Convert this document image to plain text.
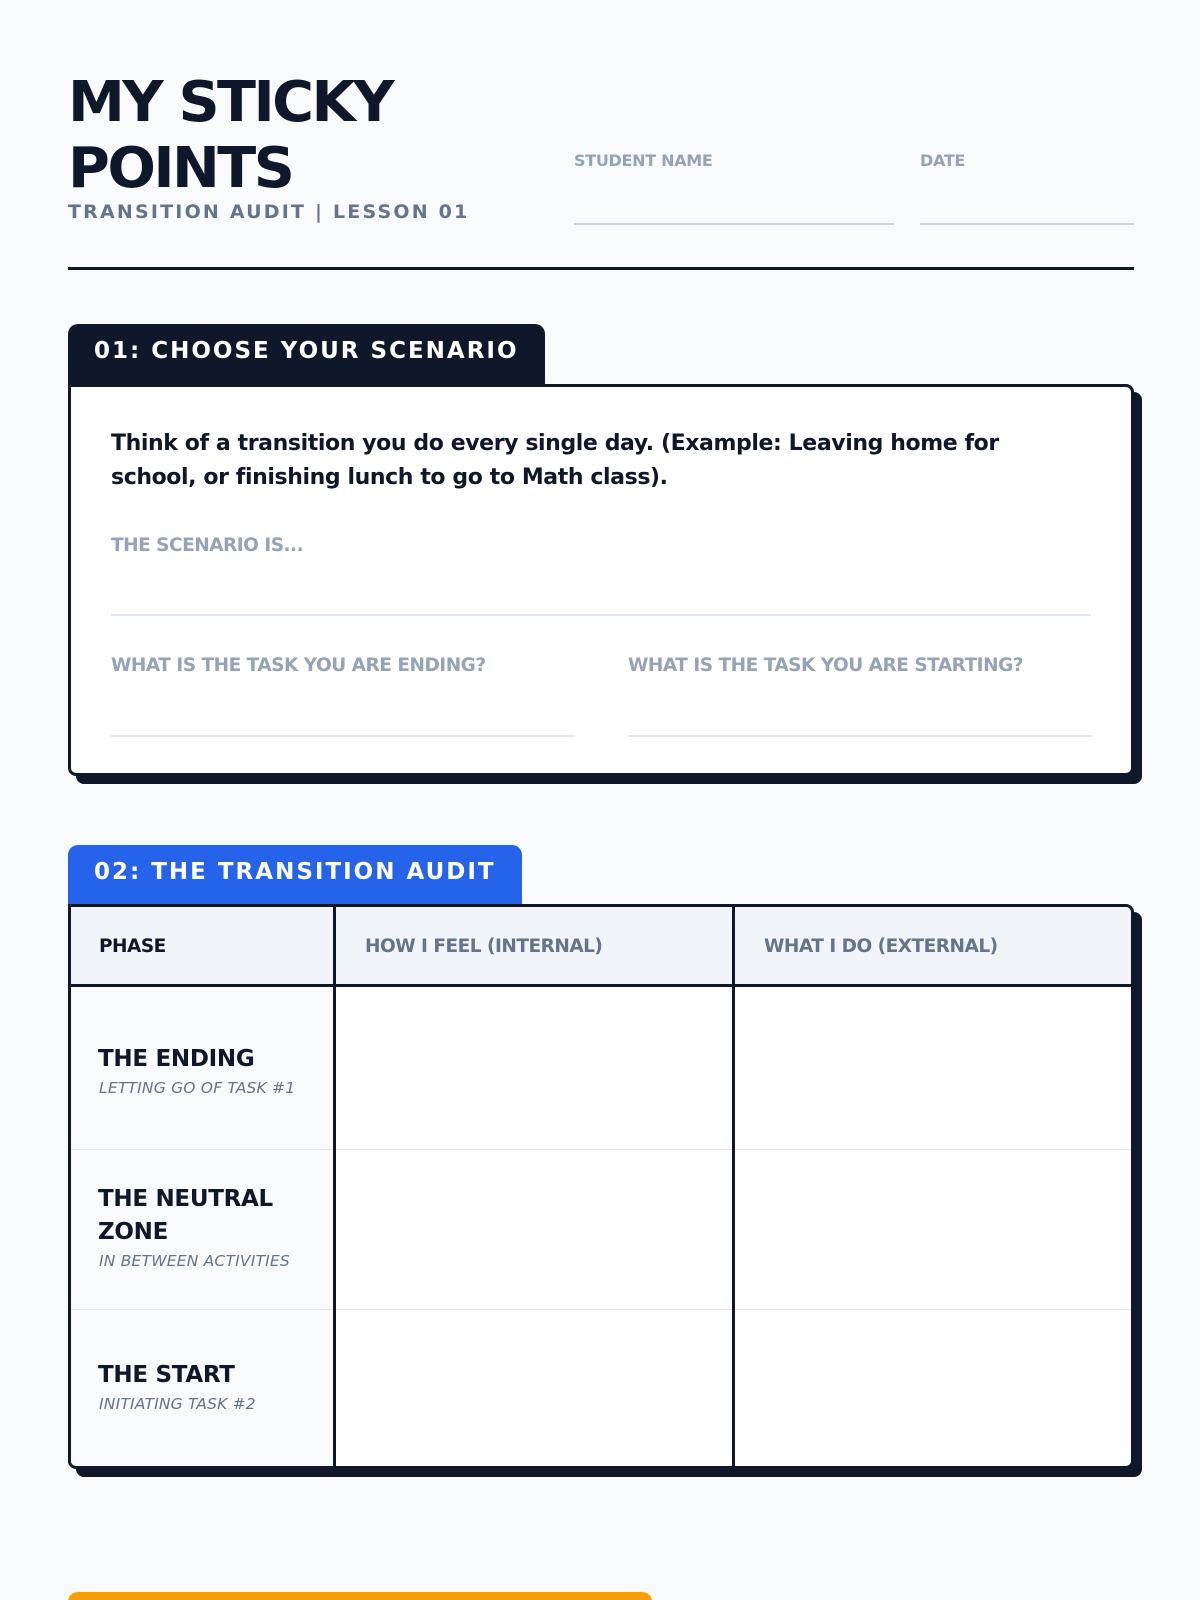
MY STICKY
POINTS
TRANSITION AUDIT | LESSON 01
STUDENT NAME	DATE
01: CHOOSE YOUR SCENARIO
Think of a transition you do every single day. (Example: Leaving home for school, or finishing lunch to go to Math class).
THE SCENARIO IS...
WHAT IS THE TASK YOU ARE ENDING?	WHAT IS THE TASK YOU ARE STARTING?
02: THE TRANSITION AUDIT
PHASE	HOW I FEEL (INTERNAL)	WHAT I DO (EXTERNAL)
THE ENDING
LETTING GO OF TASK #1
THE NEUTRAL ZONE
IN BETWEEN ACTIVITIES
THE START
INITIATING TASK #2
